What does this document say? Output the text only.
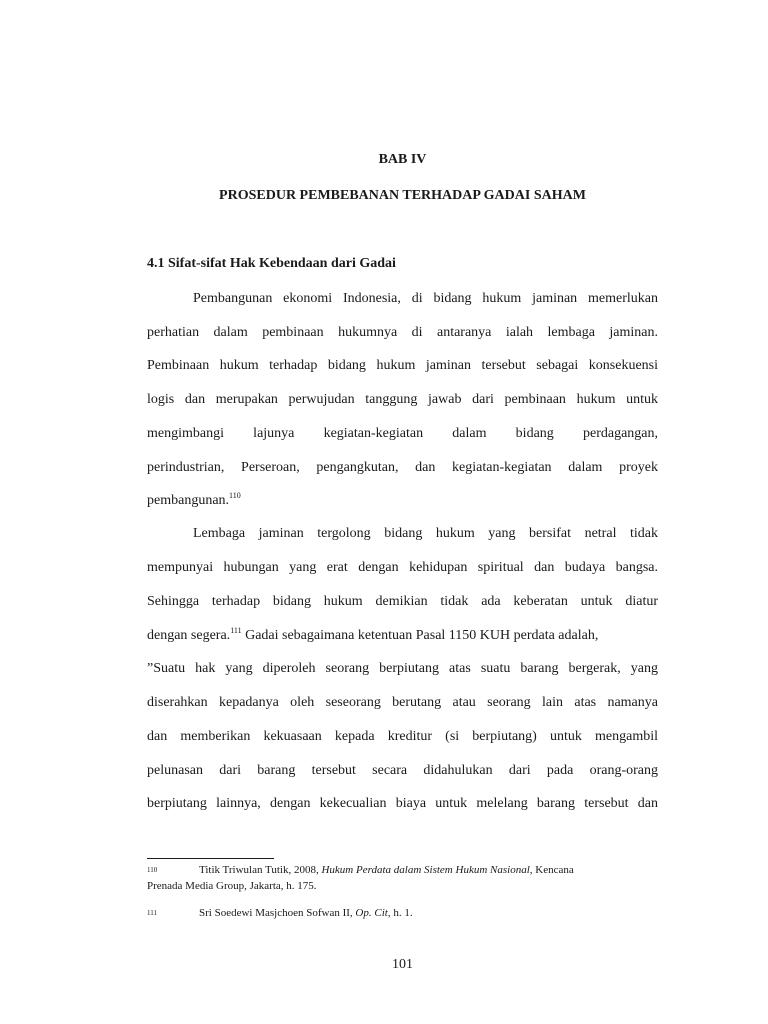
BAB IV
PROSEDUR PEMBEBANAN TERHADAP GADAI SAHAM
4.1 Sifat-sifat Hak Kebendaan dari Gadai
Pembangunan ekonomi Indonesia, di bidang hukum jaminan memerlukan
perhatian dalam pembinaan hukumnya di antaranya ialah lembaga jaminan.
Pembinaan hukum terhadap bidang hukum jaminan tersebut sebagai konsekuensi
logis dan merupakan perwujudan tanggung jawab dari pembinaan hukum untuk
mengimbangi lajunya kegiatan-kegiatan dalam bidang perdagangan,
perindustrian, Perseroan, pengangkutan, dan kegiatan-kegiatan dalam proyek
pembangunan.$^{110}$
Lembaga jaminan tergolong bidang hukum yang bersifat netral tidak
mempunyai hubungan yang erat dengan kehidupan spiritual dan budaya bangsa.
Sehingga terhadap bidang hukum demikian tidak ada keberatan untuk diatur
dengan segera.$^{111}$ Gadai sebagaimana ketentuan Pasal 1150 KUH perdata adalah,
”Suatu hak yang diperoleh seorang berpiutang atas suatu barang bergerak, yang
diserahkan kepadanya oleh seseorang berutang atau seorang lain atas namanya
dan memberikan kekuasaan kepada kreditur (si berpiutang) untuk mengambil
pelunasan dari barang tersebut secara didahulukan dari pada orang-orang
berpiutang lainnya, dengan kekecualian biaya untuk melelang barang tersebut dan
$^{110}$	Titik Triwulan Tutik, 2008, Hukum Perdata dalam Sistem Hukum Nasional, Kencana
Prenada Media Group, Jakarta, h. 175.
$^{111}$	Sri Soedewi Masjchoen Sofwan II, Op. Cit, h. 1.
101
